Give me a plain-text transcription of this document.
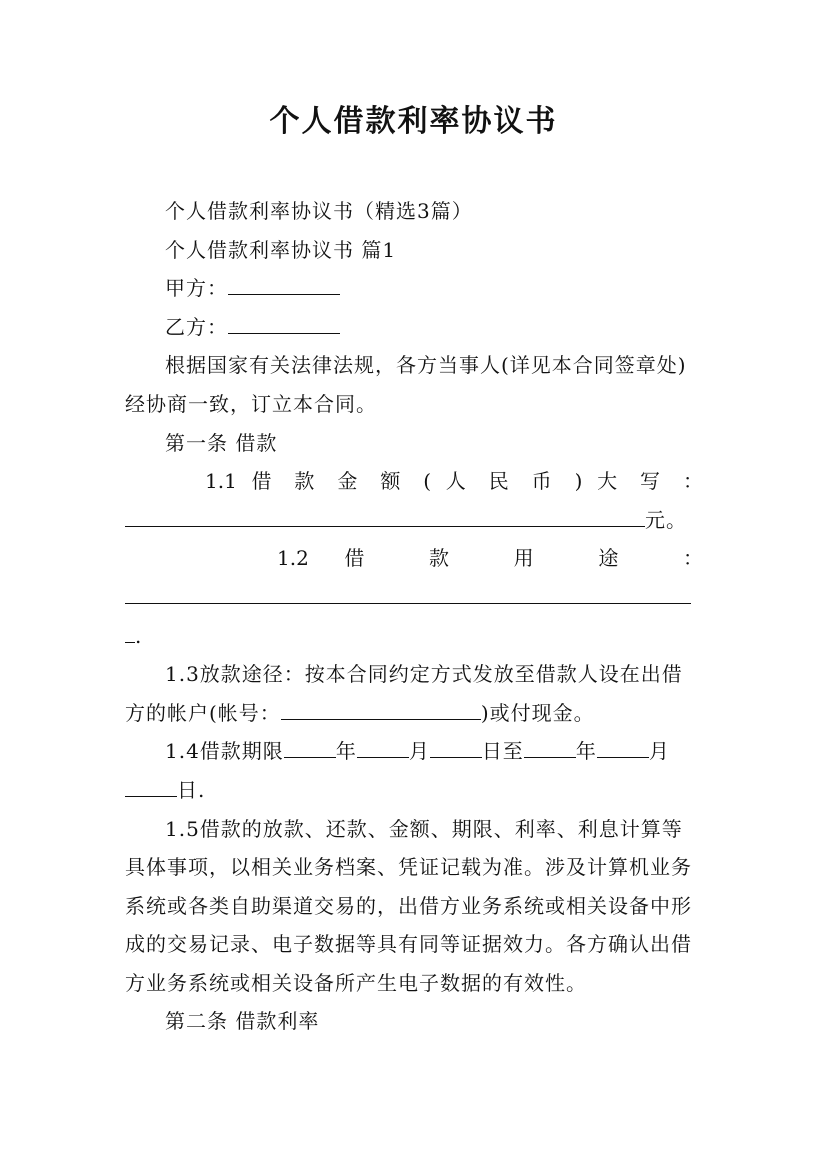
个人借款利率协议书

个人借款利率协议书（精选3篇）

个人借款利率协议书 篇1

甲方：

乙方：

根据国家有关法律法规，各方当事人(详见本合同签章处)经协商一致，订立本合同。

第一条 借款

1.1 借 款 金 额 ( 人 民 币 ) 大 写 ：

元。

1.2 借 款 用 途 ：

.

1.3放款途径：按本合同约定方式发放至借款人设在出借方的帐户(帐号：	)或付现金。

1.4借款期限	年	月	日至	年	月日.

1.5借款的放款、还款、金额、期限、利率、利息计算等具体事项，以相关业务档案、凭证记载为准。涉及计算机业务系统或各类自助渠道交易的，出借方业务系统或相关设备中形成的交易记录、电子数据等具有同等证据效力。各方确认出借方业务系统或相关设备所产生电子数据的有效性。

第二条 借款利率
